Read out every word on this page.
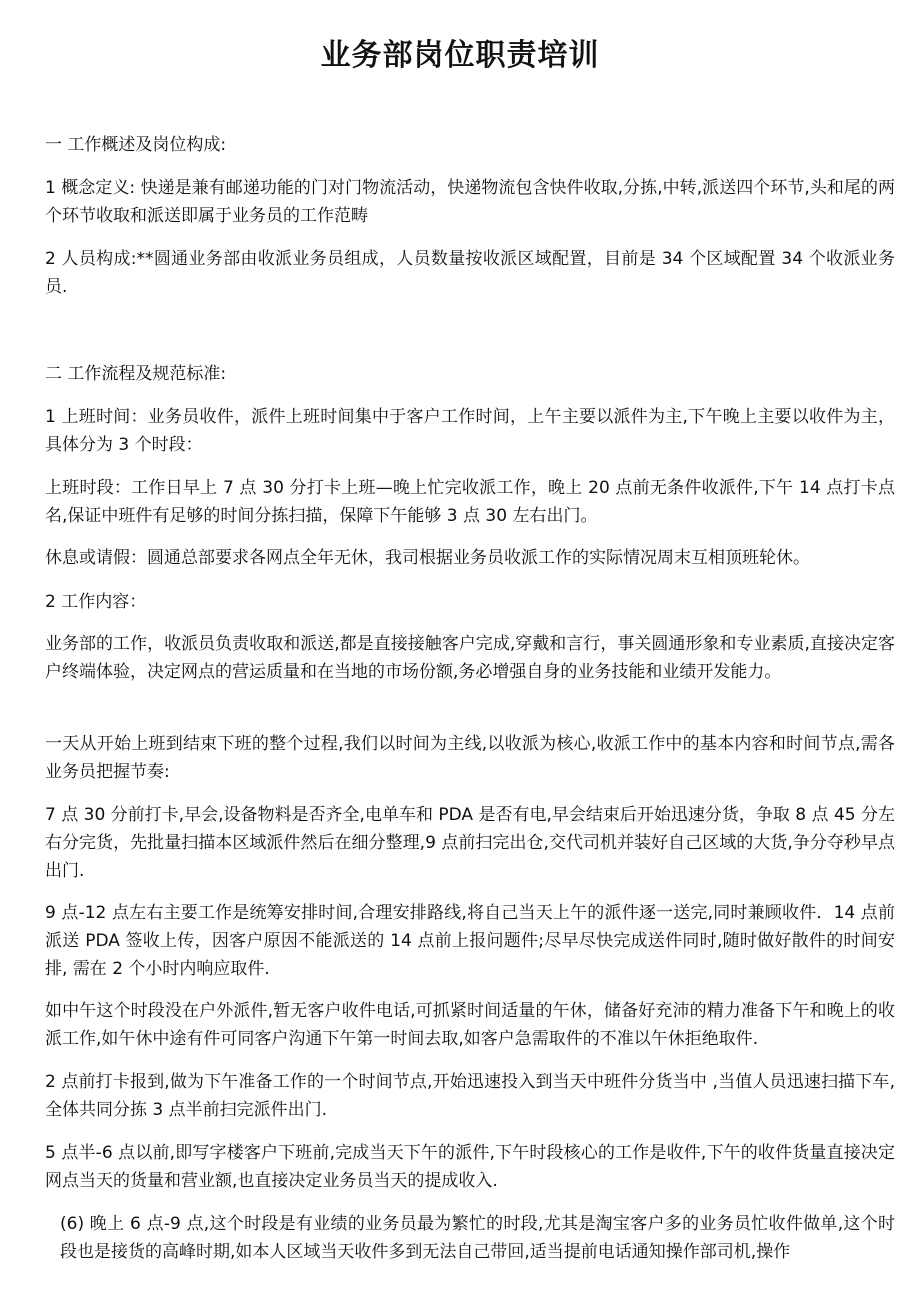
业务部岗位职责培训

一 工作概述及岗位构成:

1 概念定义: 快递是兼有邮递功能的门对门物流活动，快递物流包含快件收取,分拣,中转,派送四个环节,头和尾的两个环节收取和派送即属于业务员的工作范畴

2 人员构成:**圆通业务部由收派业务员组成，人员数量按收派区域配置，目前是 34 个区域配置 34 个收派业务员.

二 工作流程及规范标准:

1 上班时间：业务员收件，派件上班时间集中于客户工作时间，上午主要以派件为主,下午晚上主要以收件为主，具体分为 3 个时段：

上班时段：工作日早上 7 点 30 分打卡上班—晚上忙完收派工作，晚上 20 点前无条件收派件,下午 14 点打卡点名,保证中班件有足够的时间分拣扫描，保障下午能够 3 点 30 左右出门。

休息或请假：圆通总部要求各网点全年无休，我司根据业务员收派工作的实际情况周末互相顶班轮休。

2 工作内容：

业务部的工作，收派员负责收取和派送,都是直接接触客户完成,穿戴和言行，事关圆通形象和专业素质,直接决定客户终端体验，决定网点的营运质量和在当地的市场份额,务必增强自身的业务技能和业绩开发能力。

一天从开始上班到结束下班的整个过程,我们以时间为主线,以收派为核心,收派工作中的基本内容和时间节点,需各业务员把握节奏:

7 点 30 分前打卡,早会,设备物料是否齐全,电单车和 PDA 是否有电,早会结束后开始迅速分货，争取 8 点 45 分左右分完货，先批量扫描本区域派件然后在细分整理,9 点前扫完出仓,交代司机并装好自己区域的大货,争分夺秒早点出门.

9 点-12 点左右主要工作是统筹安排时间,合理安排路线,将自己当天上午的派件逐一送完,同时兼顾收件．14 点前派送 PDA 签收上传，因客户原因不能派送的 14 点前上报问题件;尽早尽快完成送件同时,随时做好散件的时间安排, 需在 2 个小时内响应取件.

如中午这个时段没在户外派件,暂无客户收件电话,可抓紧时间适量的午休，储备好充沛的精力准备下午和晚上的收派工作,如午休中途有件可同客户沟通下午第一时间去取,如客户急需取件的不准以午休拒绝取件.

2 点前打卡报到,做为下午准备工作的一个时间节点,开始迅速投入到当天中班件分货当中 ,当值人员迅速扫描下车,全体共同分拣 3 点半前扫完派件出门.

5 点半-6 点以前,即写字楼客户下班前,完成当天下午的派件,下午时段核心的工作是收件,下午的收件货量直接决定网点当天的货量和营业额,也直接决定业务员当天的提成收入.

(6) 晚上 6 点-9 点,这个时段是有业绩的业务员最为繁忙的时段,尤其是淘宝客户多的业务员忙收件做单,这个时段也是接货的高峰时期,如本人区域当天收件多到无法自己带回,适当提前电话通知操作部司机,操作
